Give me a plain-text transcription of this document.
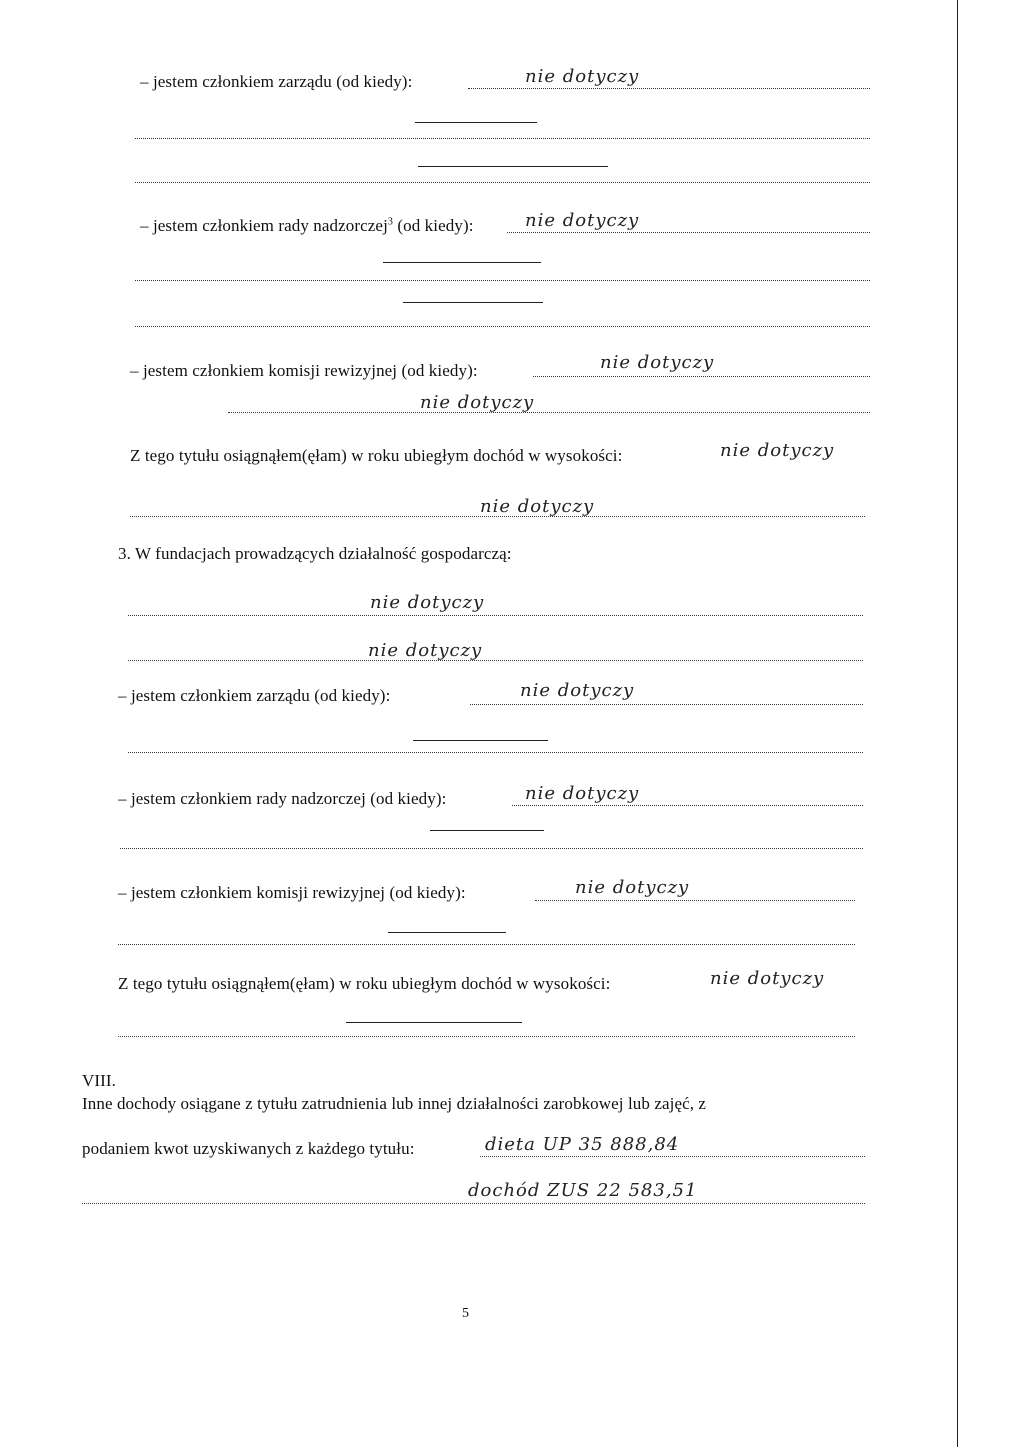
– jestem członkiem zarządu (od kiedy):	nie dotyczy
– jestem członkiem rady nadzorczej$^3$ (od kiedy):	nie dotyczy
– jestem członkiem komisji rewizyjnej (od kiedy):	nie dotyczy
nie dotyczy
Z tego tytułu osiągnąłem(ęłam) w roku ubiegłym dochód w wysokości:	nie dotyczy
nie dotyczy
3. W fundacjach prowadzących działalność gospodarczą:
nie dotyczy
nie dotyczy
– jestem członkiem zarządu (od kiedy):	nie dotyczy
– jestem członkiem rady nadzorczej (od kiedy):	nie dotyczy
– jestem członkiem komisji rewizyjnej (od kiedy):	nie dotyczy
Z tego tytułu osiągnąłem(ęłam) w roku ubiegłym dochód w wysokości:	nie dotyczy
VIII.
Inne dochody osiągane z tytułu zatrudnienia lub innej działalności zarobkowej lub zajęć, z
podaniem kwot uzyskiwanych z każdego tytułu:	dieta UP 35 888,84
dochód ZUS 22 583,51
5
